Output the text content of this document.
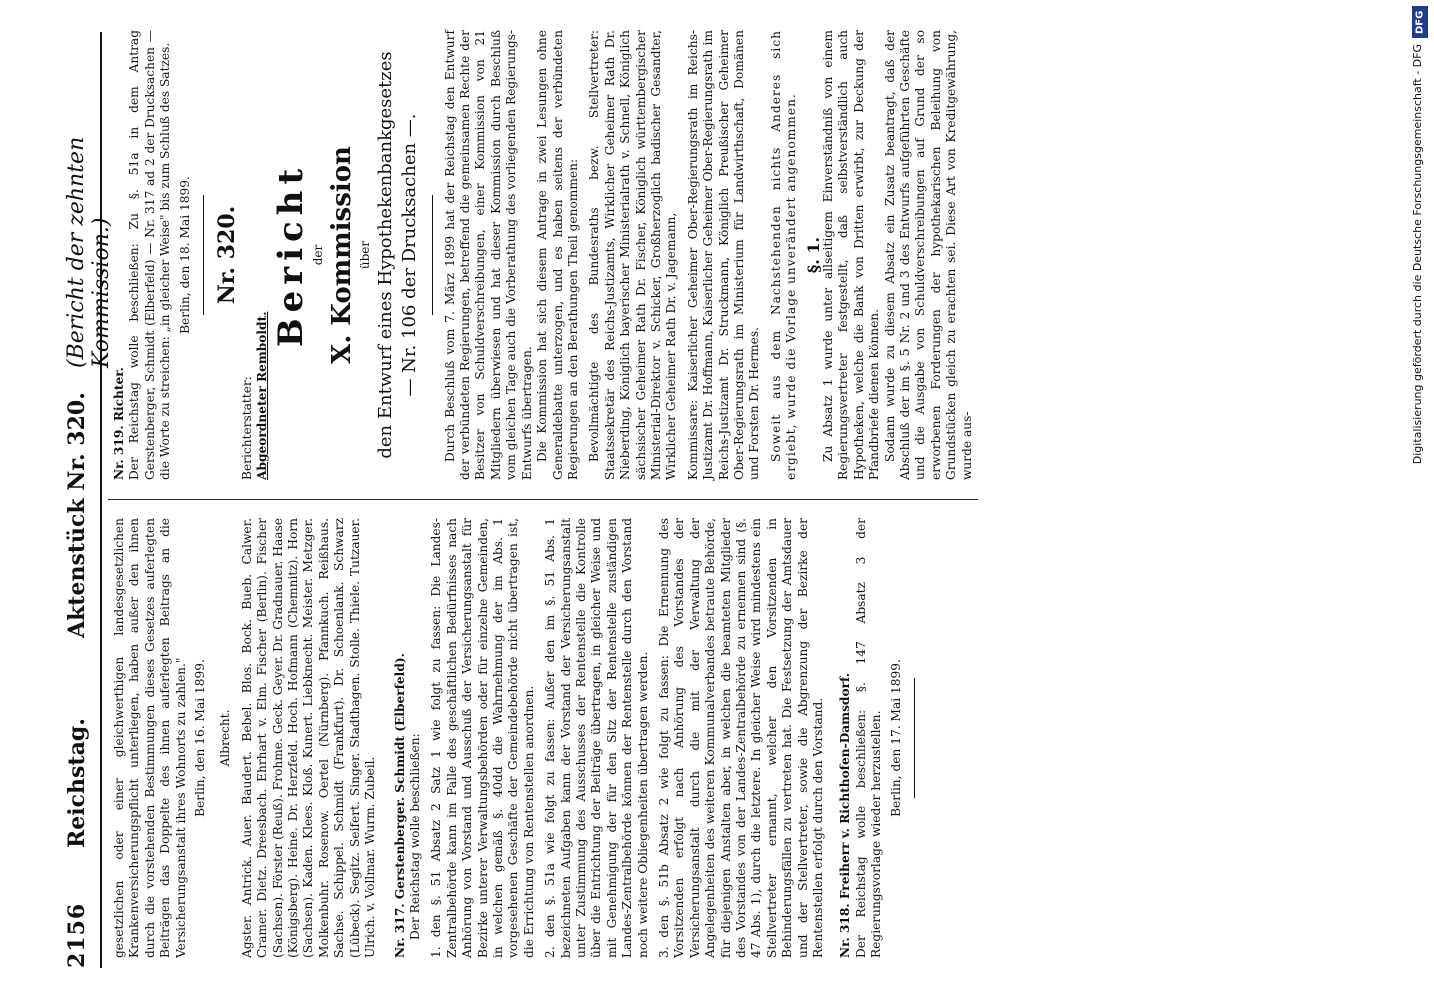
2156
Reichstag.
Aktenstück Nr. 320.
(Bericht der zehnten Kommission.)

gesetzlichen oder einer gleichwerthigen landesgesetzlichen Krankenversicherungspflicht unterliegen, haben außer den ihnen durch die vorstehenden Bestimmungen dieses Gesetzes auferlegten Beiträgen das Doppelte des ihnen auferlegten Beitrags an die Versicherungsanstalt ihres Wohnorts zu zahlen." Berlin, den 16. Mai 1899. Albrecht. Agster. Antrick. Auer. Baudert. Bebel. Blos. Bock. Bueb. Calwer. Cramer. Dietz. Dreesbach. Ehrhart v. Elm. Fischer (Berlin). Fischer (Sachsen). Förster (Reuß). Frohme. Geck. Geyer. Dr. Gradnauer. Haase (Königsberg). Heine. Dr. Herzfeld. Hoch. Hofmann (Chemnitz). Horn (Sachsen). Kaden. Klees. Kloß. Kunert. Liebknecht. Meister. Metzger. Molkenbuhr. Rosenow. Oertel (Nürnberg). Pfannkuch. Reißhaus. Sachse. Schippel. Schmidt (Frankfurt). Dr. Schoenlank. Schwarz (Lübeck). Segitz. Seifert. Singer. Stadthagen. Stolle. Thiele. Tutzauer. Ulrich. v. Vollmar. Wurm. Zubeil. Nr. 317. Gerstenberger. Schmidt (Elberfeld). Der Reichstag wolle beschließen: 1. den §. 51 Absatz 2 Satz 1 wie folgt zu fassen: Die Landes-Zentralbehörde kann im Falle des geschäftlichen Bedürfnisses nach Anhörung von Vorstand und Ausschuß der Versicherungsanstalt für Bezirke unterer Verwaltungsbehörden oder für einzelne Gemeinden, in welchen gemäß §. 40dd die Wahrnehmung der im Abs. 1 vorgesehenen Geschäfte der Gemeindebehörde nicht übertragen ist, die Errichtung von Rentenstellen anordnen. 2. den §. 51a wie folgt zu fassen: Außer den im §. 51 Abs. 1 bezeichneten Aufgaben kann der Vorstand der Versicherungsanstalt unter Zustimmung des Ausschusses der Rentenstelle die Kontrolle über die Entrichtung der Beiträge übertragen, in gleicher Weise und mit Genehmigung der für den Sitz der Rentenstelle zuständigen Landes-Zentralbehörde können der Rentenstelle durch den Vorstand noch weitere Obliegenheiten übertragen werden. 3. den §. 51b Absatz 2 wie folgt zu fassen: Die Ernennung des Vorsitzenden erfolgt nach Anhörung des Vorstandes der Versicherungsanstalt durch die mit der Verwaltung der Angelegenheiten des weiteren Kommunalverbandes betraute Behörde, für diejenigen Anstalten aber, in welchen die beamteten Mitglieder des Vorstandes von der Landes-Zentralbehörde zu ernennen sind (§. 47 Abs. 1), durch die letztere. In gleicher Weise wird mindestens ein Stellvertreter ernannt, welcher den Vorsitzenden in Behinderungsfällen zu vertreten hat. Die Festsetzung der Amtsdauer und der Stellvertreter, sowie die Abgrenzung der Bezirke der Rentenstellen erfolgt durch den Vorstand. Nr. 318. Freiherr v. Richthofen-Damsdorf. Der Reichstag wolle beschließen: §. 147 Absatz 3 der Regierungsvorlage wieder herzustellen. Berlin, den 17. Mai 1899.

Nr. 319. Richter. Der Reichstag wolle beschließen: Zu §. 51a in dem Antrag Gerstenberger, Schmidt (Elberfeld) — Nr. 317 ad 2 der Drucksachen — die Worte zu streichen: „in gleicher Weise" bis zum Schluß des Satzes. Berlin, den 18. Mai 1899. Nr. 320.

Berichterstatter: Abgeordneter Remboldt.

Bericht der X. Kommission über den Entwurf eines Hypothekenbankgesetzes — Nr. 106 der Drucksachen —. Durch Beschluß vom 7. März 1899 hat der Reichstag den Entwurf der verbündeten Regierungen, betreffend die gemeinsamen Rechte der Besitzer von Schuldverschreibungen, einer Kommission von 21 Mitgliedern überwiesen und hat dieser Kommission durch Beschluß vom gleichen Tage auch die Vorberathung des vorliegenden Regierungs-Entwurfs übertragen. Die Kommission hat sich diesem Antrage in zwei Lesungen ohne Generaldebatte unterzogen, und es haben seitens der verbündeten Regierungen an den Berathungen Theil genommen: Bevollmächtigte des Bundesraths bezw. Stellvertreter: Staatssekretär des Reichs-Justizamts, Wirklicher Geheimer Rath Dr. Nieberding, Königlich bayerischer Ministerialrath v. Schnell, Königlich sächsischer Geheimer Rath Dr. Fischer, Königlich württembergischer Ministerial-Direktor v. Schicker, Großherzoglich badischer Gesandter, Wirklicher Geheimer Rath Dr. v. Jagemann, Kommissare: Kaiserlicher Geheimer Ober-Regierungsrath im Reichs-Justizamt Dr. Hoffmann, Kaiserlicher Geheimer Ober-Regierungsrath im Reichs-Justizamt Dr. Struckmann, Königlich Preußischer Geheimer Ober-Regierungsrath im Ministerium für Landwirthschaft, Domänen und Forsten Dr. Hermes. Soweit aus dem Nachstehenden nichts Anderes sich ergiebt, wurde die Vorlage unverändert angenommen. §. 1.

Zu Absatz 1 wurde unter allseitigem Einverständniß von einem Regierungsvertreter festgestellt, daß selbstverständlich auch Hypotheken, welche die Bank von Dritten erwirbt, zur Deckung der Pfandbriefe dienen können. Sodann wurde zu diesem Absatz ein Zusatz beantragt, daß der Abschluß der im §. 5 Nr. 2 und 3 des Entwurfs aufgeführten Geschäfte und die Ausgabe von Schuldverschreibungen auf Grund der so erworbenen Forderungen der hypothekarischen Beleihung von Grundstücken gleich zu erachten sei. Diese Art von Kreditgewährung, wurde aus-

DFG
Digitalisierung gefördert durch die Deutsche Forschungsgemeinschaft - DFG
